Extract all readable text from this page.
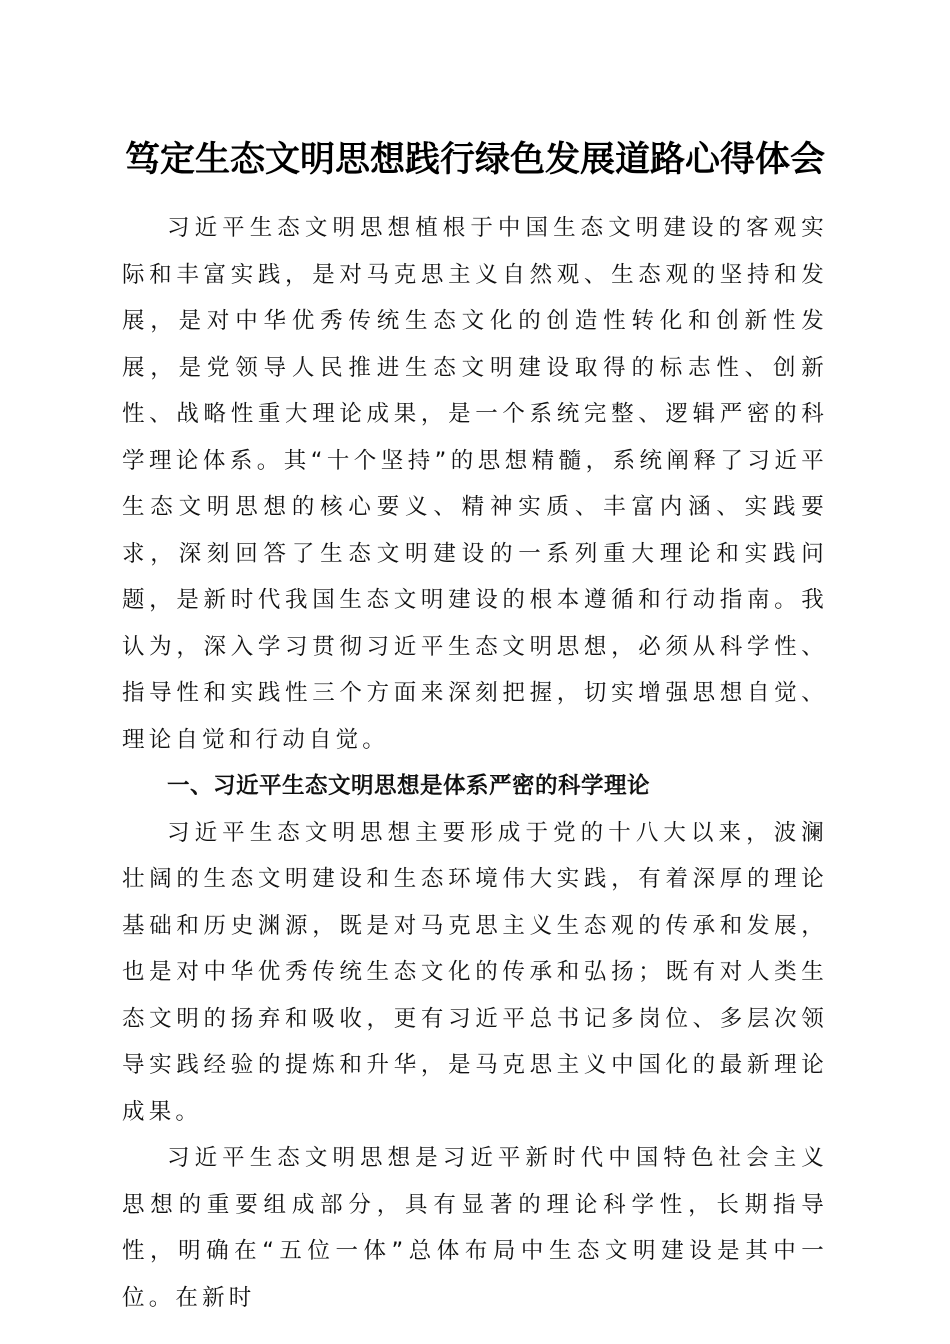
笃定生态文明思想践行绿色发展道路心得体会

习近平生态文明思想植根于中国生态文明建设的客观实际和丰富实践，是对马克思主义自然观、生态观的坚持和发展，是对中华优秀传统生态文化的创造性转化和创新性发展，是党领导人民推进生态文明建设取得的标志性、创新性、战略性重大理论成果，是一个系统完整、逻辑严密的科学理论体系。其“十个坚持”的思想精髓，系统阐释了习近平生态文明思想的核心要义、精神实质、丰富内涵、实践要求，深刻回答了生态文明建设的一系列重大理论和实践问题，是新时代我国生态文明建设的根本遵循和行动指南。我认为，深入学习贯彻习近平生态文明思想，必须从科学性、指导性和实践性三个方面来深刻把握，切实增强思想自觉、理论自觉和行动自觉。

一、习近平生态文明思想是体系严密的科学理论

习近平生态文明思想主要形成于党的十八大以来，波澜壮阔的生态文明建设和生态环境伟大实践，有着深厚的理论基础和历史渊源，既是对马克思主义生态观的传承和发展，也是对中华优秀传统生态文化的传承和弘扬；既有对人类生态文明的扬弃和吸收，更有习近平总书记多岗位、多层次领导实践经验的提炼和升华，是马克思主义中国化的最新理论成果。

习近平生态文明思想是习近平新时代中国特色社会主义思想的重要组成部分，具有显著的理论科学性，长期指导性，明确在“五位一体”总体布局中生态文明建设是其中一位。在新时
